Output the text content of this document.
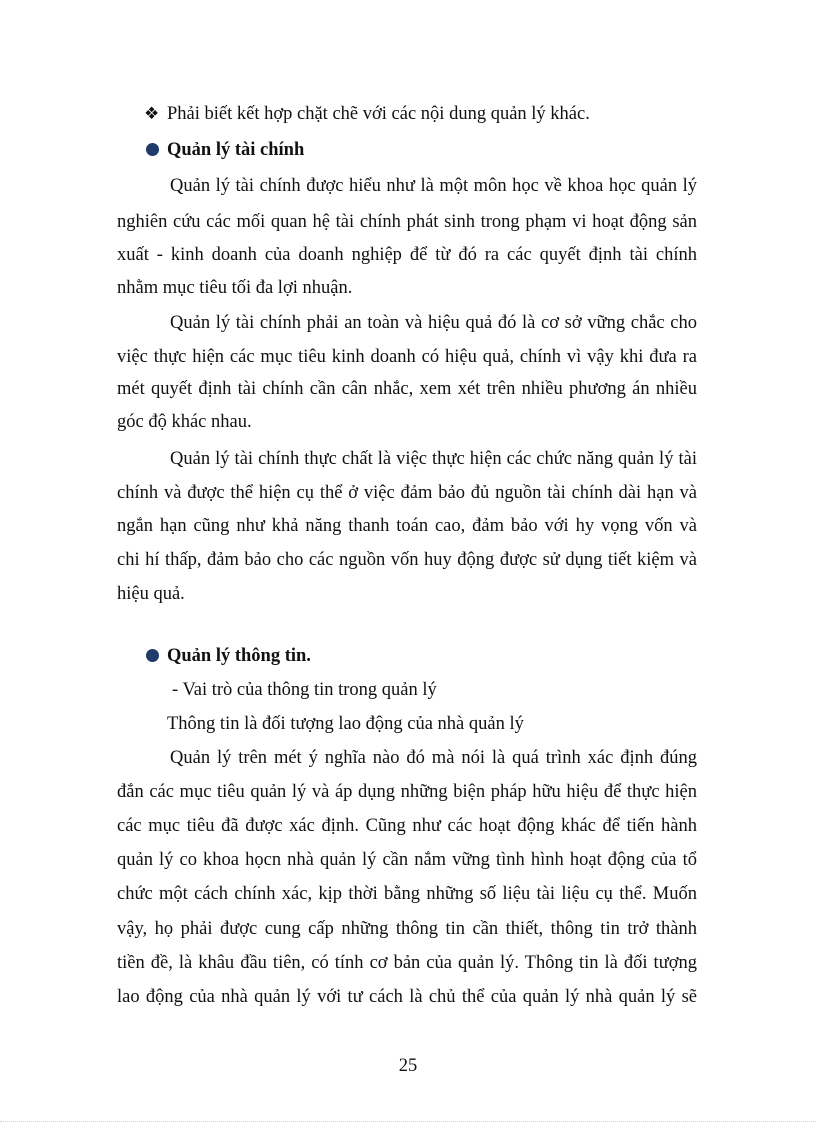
❖ Phải biết kết hợp chặt chẽ với các nội dung quản lý khác.
Quản lý tài chính
Quản lý tài chính được hiểu như là một môn học về khoa học quản lý
nghiên cứu các mối quan hệ tài chính phát sinh trong phạm vi hoạt động sản
xuất - kinh doanh của doanh nghiệp để từ đó ra các quyết định tài chính
nhằm mục tiêu tối đa lợi nhuận.
Quản lý tài chính phải an toàn và hiệu quả đó là cơ sở vững chắc cho
việc thực hiện các mục tiêu kinh doanh có hiệu quả, chính vì vậy khi đưa ra
mét quyết định tài chính cần cân nhắc, xem xét trên nhiều phương án nhiều
góc độ khác nhau.
Quản lý tài chính thực chất là việc thực hiện các chức năng quản lý tài
chính và được thể hiện cụ thể ở việc đảm bảo đủ nguồn tài chính dài hạn và
ngắn hạn cũng như khả năng thanh toán cao, đảm bảo với hy vọng vốn và
chi hí thấp, đảm bảo cho các nguồn vốn huy động được sử dụng tiết kiệm và
hiệu quả.
Quản lý thông tin.
- Vai trò của thông tin trong quản lý
Thông tin là đối tượng lao động của nhà quản lý
Quản lý trên mét ý nghĩa nào đó mà nói là quá trình xác định đúng
đắn các mục tiêu quản lý và áp dụng những biện pháp hữu hiệu để thực hiện
các mục tiêu đã được xác định. Cũng như các hoạt động khác để tiến hành
quản lý co khoa họcn nhà quản lý cần nắm vững tình hình hoạt động của tổ
chức một cách chính xác, kịp thời bằng những số liệu tài liệu cụ thể. Muốn
vậy, họ phải được cung cấp những thông tin cần thiết, thông tin trở thành
tiền đề, là khâu đầu tiên, có tính cơ bản của quản lý. Thông tin là đối tượng
lao động của nhà quản lý với tư cách là chủ thể của quản lý nhà quản lý sẽ
25
